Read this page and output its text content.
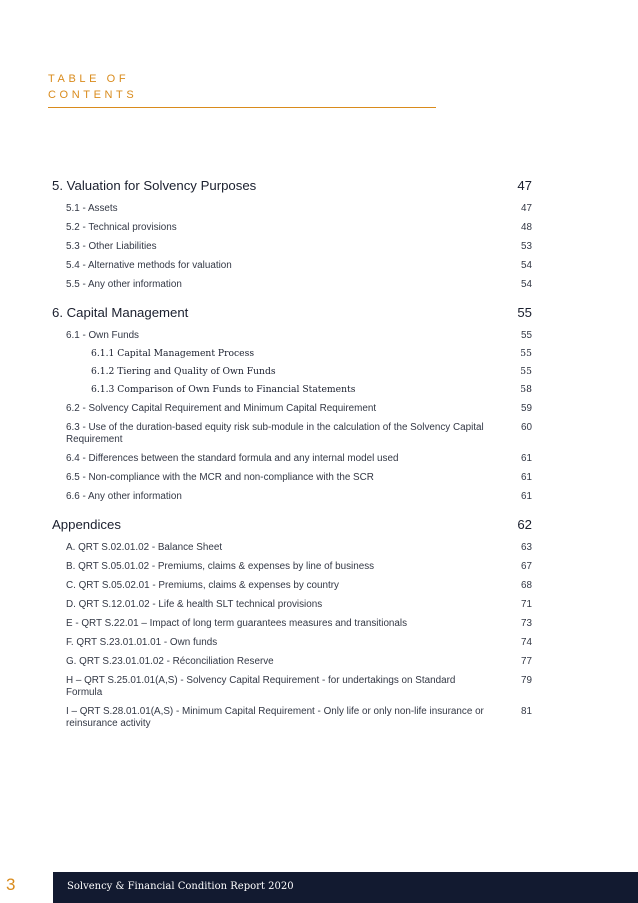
TABLE OF
CONTENTS
5. Valuation for Solvency Purposes	47
5.1 - Assets	47
5.2 - Technical provisions	48
5.3 - Other Liabilities	53
5.4 - Alternative methods for valuation	54
5.5 - Any other information	54
6. Capital Management	55
6.1 - Own Funds	55
6.1.1 Capital Management Process	55
6.1.2 Tiering and Quality of Own Funds	55
6.1.3 Comparison of Own Funds to Financial Statements	58
6.2 - Solvency Capital Requirement and Minimum Capital Requirement	59
6.3 - Use of the duration-based equity risk sub-module in the calculation of the Solvency Capital Requirement
60
6.4 - Differences between the standard formula and any internal model used	61
6.5 - Non-compliance with the MCR and non-compliance with the SCR	61
6.6 - Any other information	61
Appendices	62
A. QRT S.02.01.02 - Balance Sheet	63
B. QRT S.05.01.02 - Premiums, claims & expenses by line of business	67
C. QRT S.05.02.01 - Premiums, claims & expenses by country	68
D. QRT S.12.01.02 - Life & health SLT technical provisions	71
E - QRT S.22.01 – Impact of long term guarantees measures and transitionals	73
F. QRT S.23.01.01.01 - Own funds	74
G. QRT S.23.01.01.02 - Réconciliation Reserve	77
H – QRT S.25.01.01(A,S) - Solvency Capital Requirement - for undertakings on Standard Formula
79
I – QRT S.28.01.01(A,S) - Minimum Capital Requirement - Only life or only non-life insurance or reinsurance activity
81
3	Solvency & Financial Condition Report 2020
